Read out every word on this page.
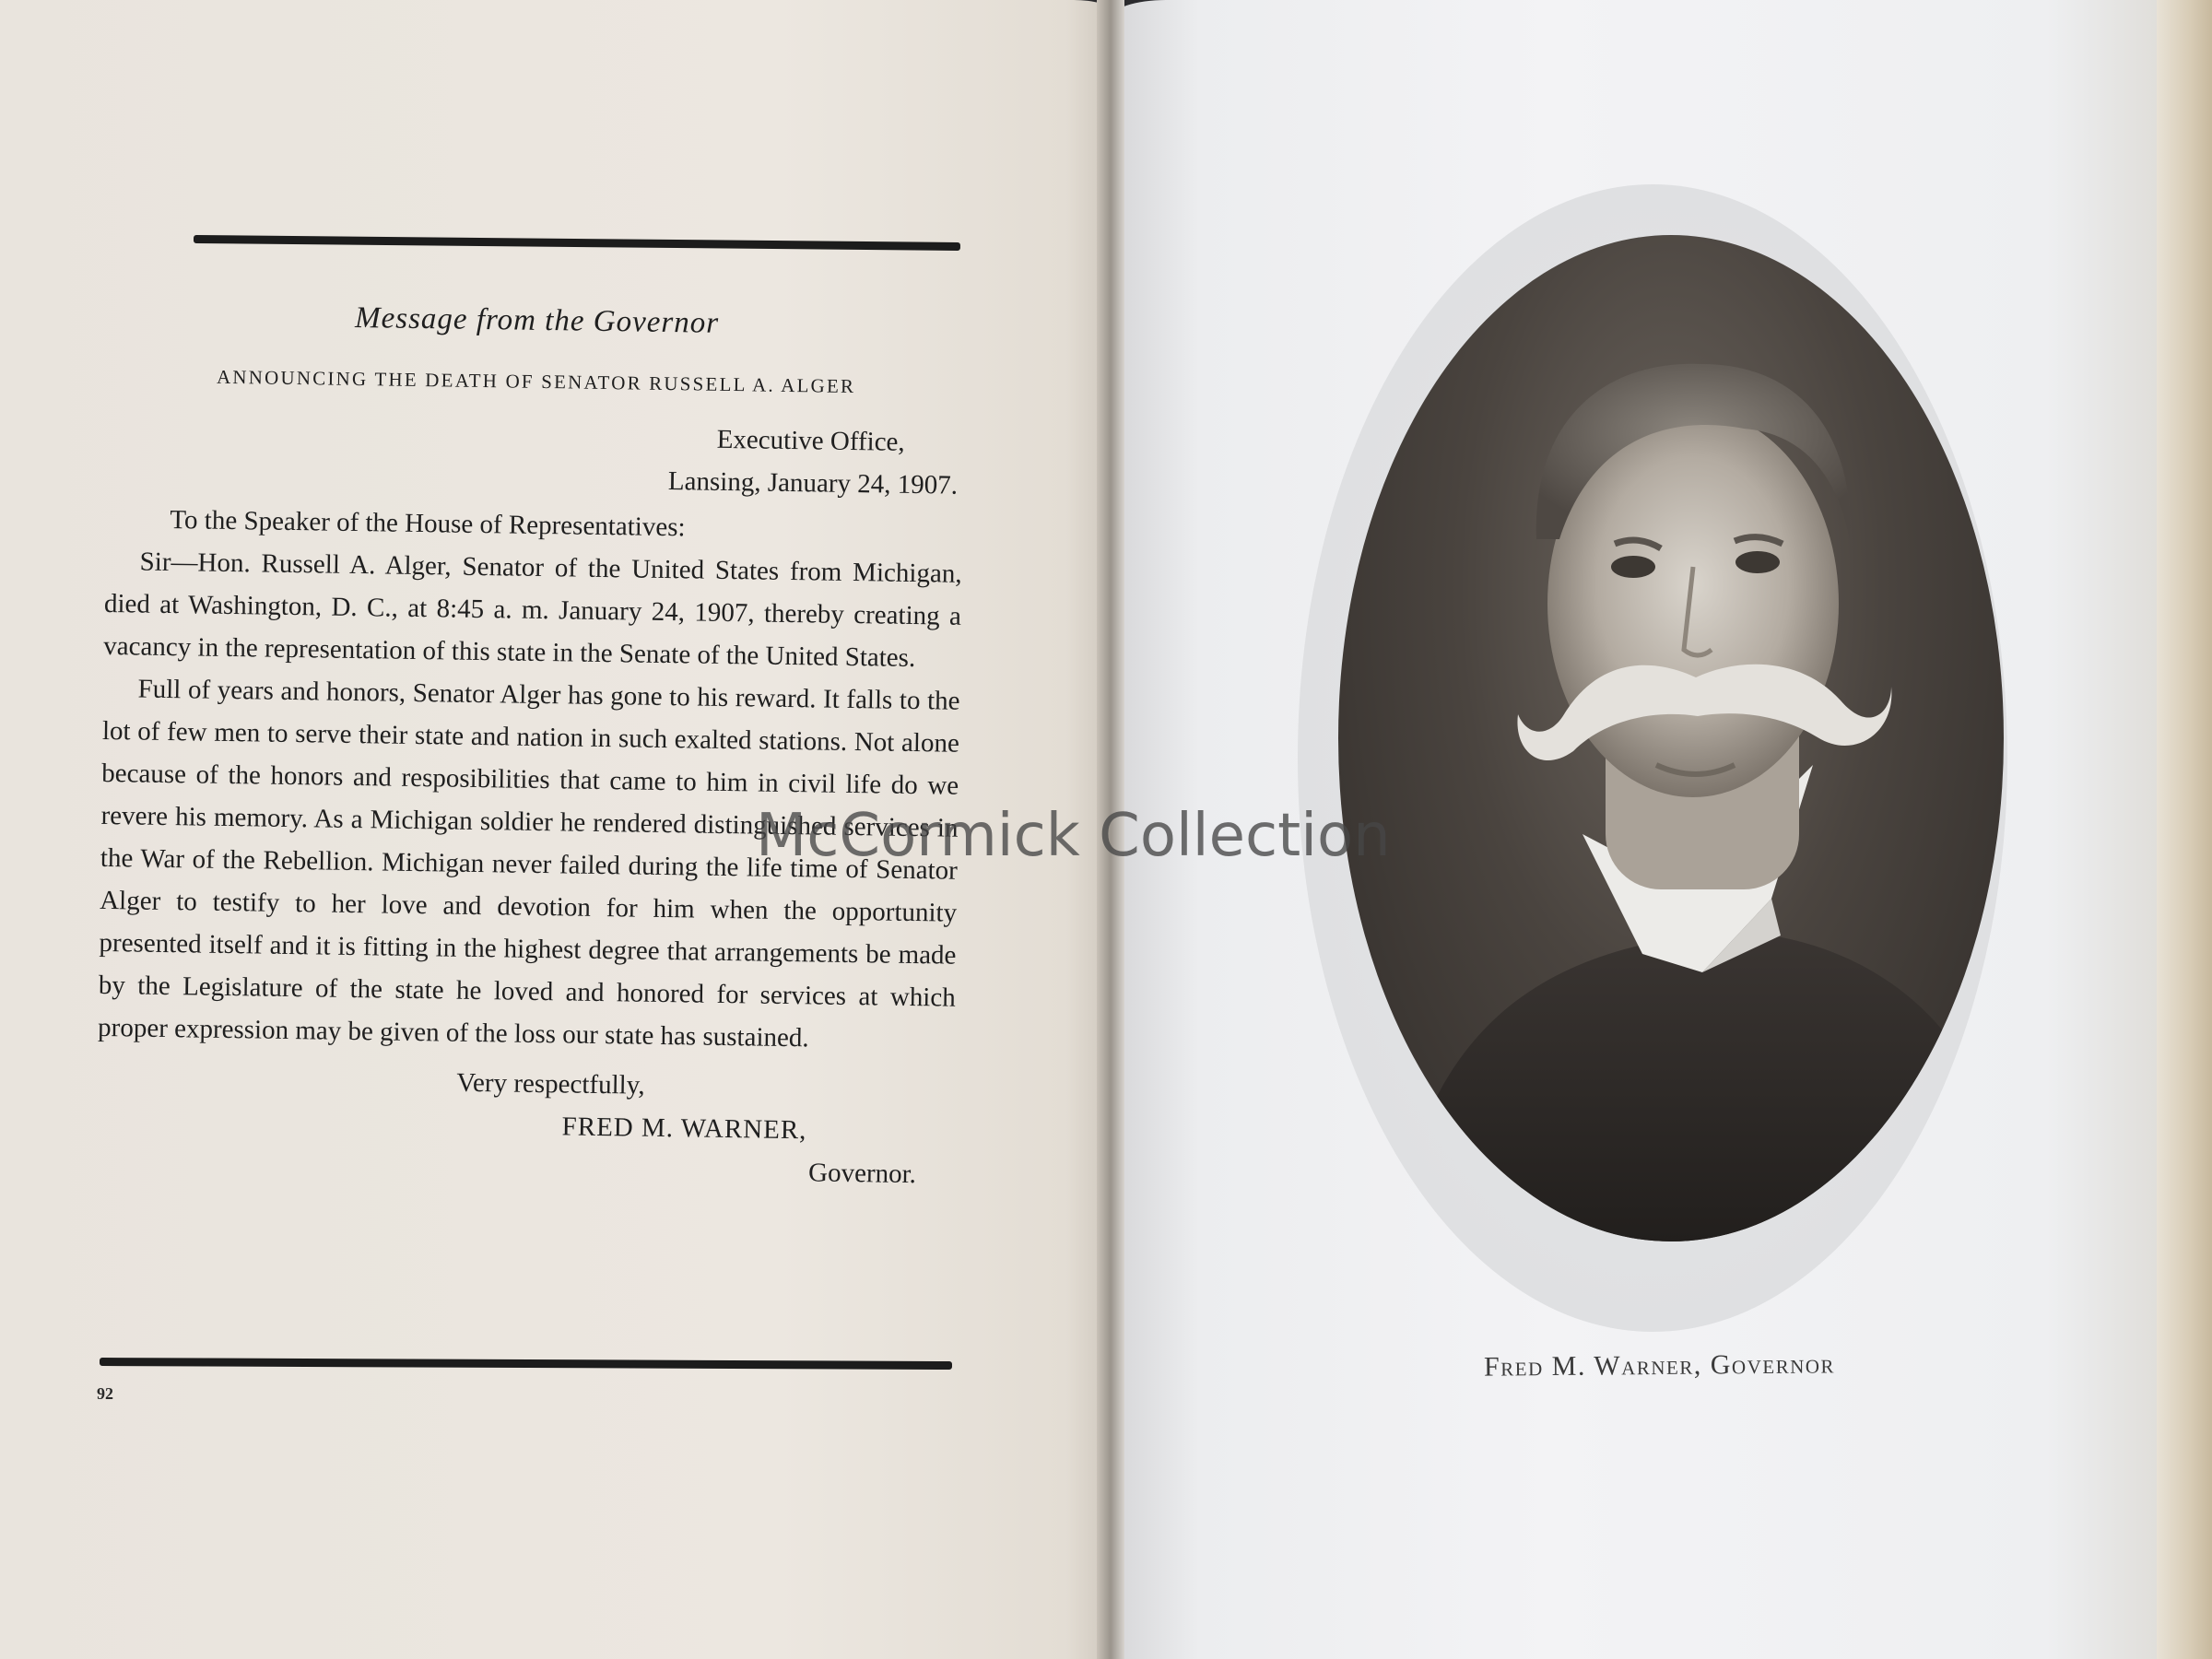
Message from the Governor
ANNOUNCING THE DEATH OF SENATOR RUSSELL A. ALGER
Executive Office,
Lansing, January 24, 1907.
To the Speaker of the House of Representatives:

Sir—Hon. Russell A. Alger, Senator of the United States from Michigan, died at Washington, D. C., at 8:45 a. m. January 24, 1907, thereby creating a vacancy in the representation of this state in the Senate of the United States.

Full of years and honors, Senator Alger has gone to his reward. It falls to the lot of few men to serve their state and nation in such exalted stations. Not alone because of the honors and resposibilities that came to him in civil life do we revere his memory. As a Michigan soldier he rendered distinguished services in the War of the Rebellion. Michigan never failed during the life time of Senator Alger to testify to her love and devotion for him when the opportunity presented itself and it is fitting in the highest degree that arrangements be made by the Legislature of the state he loved and honored for services at which proper expression may be given of the loss our state has sustained.

Very respectfully,
FRED M. WARNER,
Governor.
92
Fred M. Warner, Governor
McCormick Collection
